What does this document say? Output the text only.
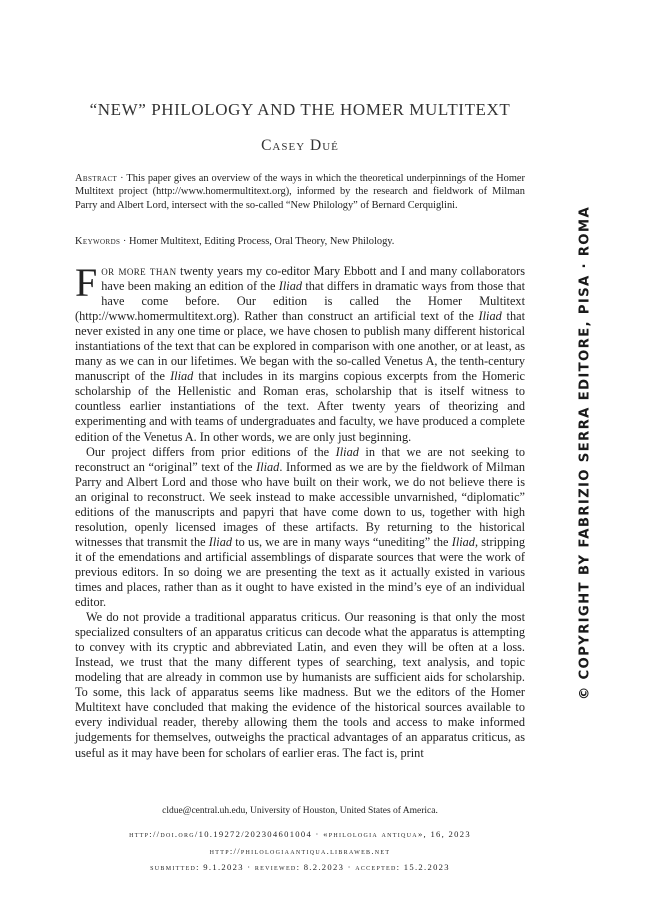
“NEW” PHILOLOGY AND THE HOMER MULTITEXT
Casey Dué
Abstract · This paper gives an overview of the ways in which the theoretical underpinnings of the Homer Multitext project (http://www.homermultitext.org), informed by the research and fieldwork of Milman Parry and Albert Lord, intersect with the so-called “New Philology” of Bernard Cerquiglini.
Keywords · Homer Multitext, Editing Process, Oral Theory, New Philology.

For more than twenty years my co-editor Mary Ebbott and I and many collaborators have been making an edition of the Iliad that differs in dramatic ways from those that have come before. Our edition is called the Homer Multitext (http://www.homermultitext.org). Rather than construct an artificial text of the Iliad that never existed in any one time or place, we have chosen to publish many different historical instantiations of the text that can be explored in comparison with one another, or at least, as many as we can in our lifetimes. We began with the so-called Venetus A, the tenth-century manuscript of the Iliad that includes in its margins copious excerpts from the Homeric scholarship of the Hellenistic and Roman eras, scholarship that is itself witness to countless earlier instantiations of the text. After twenty years of theorizing and experimenting and with teams of undergraduates and faculty, we have produced a complete edition of the Venetus A. In other words, we are only just beginning.

Our project differs from prior editions of the Iliad in that we are not seeking to reconstruct an “original” text of the Iliad. Informed as we are by the fieldwork of Milman Parry and Albert Lord and those who have built on their work, we do not believe there is an original to reconstruct. We seek instead to make accessible unvarnished, “diplomatic” editions of the manuscripts and papyri that have come down to us, together with high resolution, openly licensed images of these artifacts. By returning to the historical witnesses that transmit the Iliad to us, we are in many ways “unediting” the Iliad, stripping it of the emendations and artificial assemblings of disparate sources that were the work of previous editors. In so doing we are presenting the text as it actually existed in various times and places, rather than as it ought to have existed in the mind’s eye of an individual editor.

We do not provide a traditional apparatus criticus. Our reasoning is that only the most specialized consulters of an apparatus criticus can decode what the apparatus is attempting to convey with its cryptic and abbreviated Latin, and even they will be often at a loss. Instead, we trust that the many different types of searching, text analysis, and topic modeling that are already in common use by humanists are sufficient aids for scholarship. To some, this lack of apparatus seems like madness. But we the editors of the Homer Multitext have concluded that making the evidence of the historical sources available to every individual reader, thereby allowing them the tools and access to make informed judgements for themselves, outweighs the practical advantages of an apparatus criticus, as useful as it may have been for scholars of earlier eras. The fact is, print

cldue@central.uh.edu, University of Houston, United States of America.
http://doi.org/10.19272/202304601004 · «philologia antiqua», 16, 2023
http://philologiaantiqua.libraweb.net
submitted: 9.1.2023 · reviewed: 8.2.2023 · accepted: 15.2.2023
© COPYRIGHT BY FABRIZIO SERRA EDITORE, PISA · ROMA
